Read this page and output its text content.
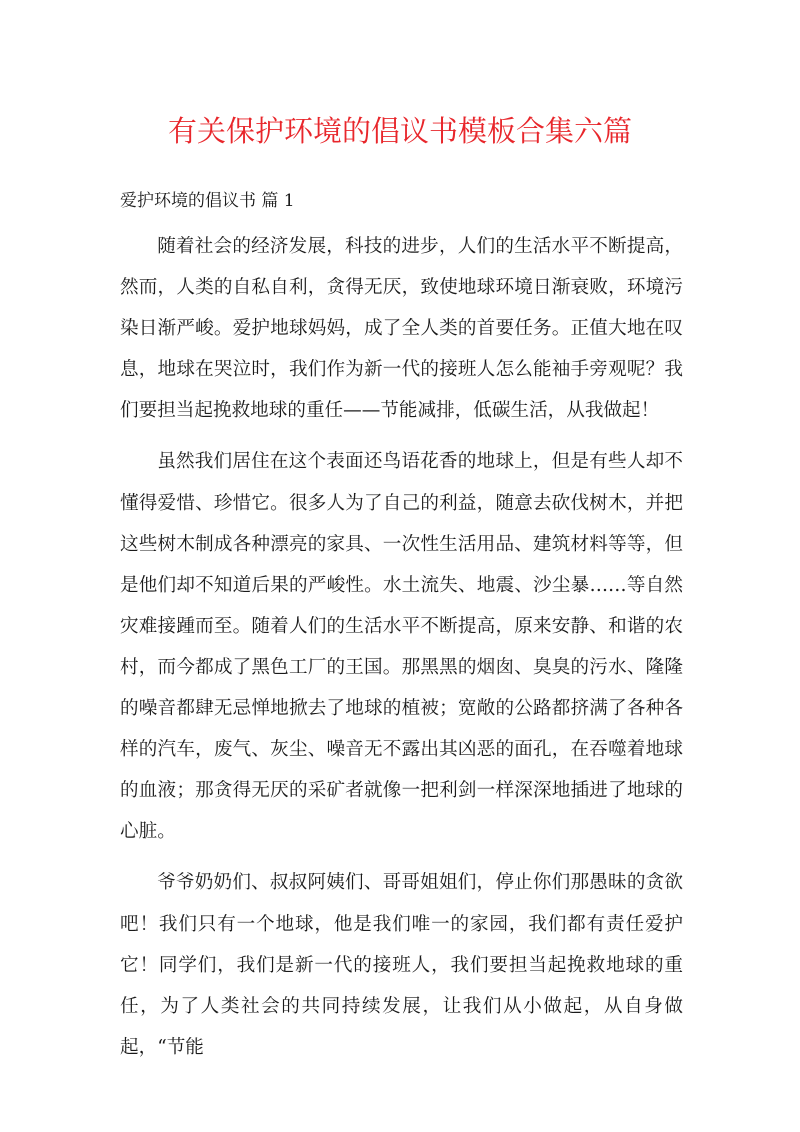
有关保护环境的倡议书模板合集六篇
爱护环境的倡议书 篇 1

随着社会的经济发展，科技的进步，人们的生活水平不断提高，然而，人类的自私自利，贪得无厌，致使地球环境日渐衰败，环境污染日渐严峻。爱护地球妈妈，成了全人类的首要任务。正值大地在叹息，地球在哭泣时，我们作为新一代的接班人怎么能袖手旁观呢？我们要担当起挽救地球的重任——节能减排，低碳生活，从我做起！

虽然我们居住在这个表面还鸟语花香的地球上，但是有些人却不懂得爱惜、珍惜它。很多人为了自己的利益，随意去砍伐树木，并把这些树木制成各种漂亮的家具、一次性生活用品、建筑材料等等，但是他们却不知道后果的严峻性。水土流失、地震、沙尘暴……等自然灾难接踵而至。随着人们的生活水平不断提高，原来安静、和谐的农村，而今都成了黑色工厂的王国。那黑黑的烟囱、臭臭的污水、隆隆的噪音都肆无忌惮地掀去了地球的植被；宽敞的公路都挤满了各种各样的汽车，废气、灰尘、噪音无不露出其凶恶的面孔，在吞噬着地球的血液；那贪得无厌的采矿者就像一把利剑一样深深地插进了地球的心脏。

爷爷奶奶们、叔叔阿姨们、哥哥姐姐们，停止你们那愚昧的贪欲吧！我们只有一个地球，他是我们唯一的家园，我们都有责任爱护它！同学们，我们是新一代的接班人，我们要担当起挽救地球的重任，为了人类社会的共同持续发展，让我们从小做起，从自身做起，“节能
